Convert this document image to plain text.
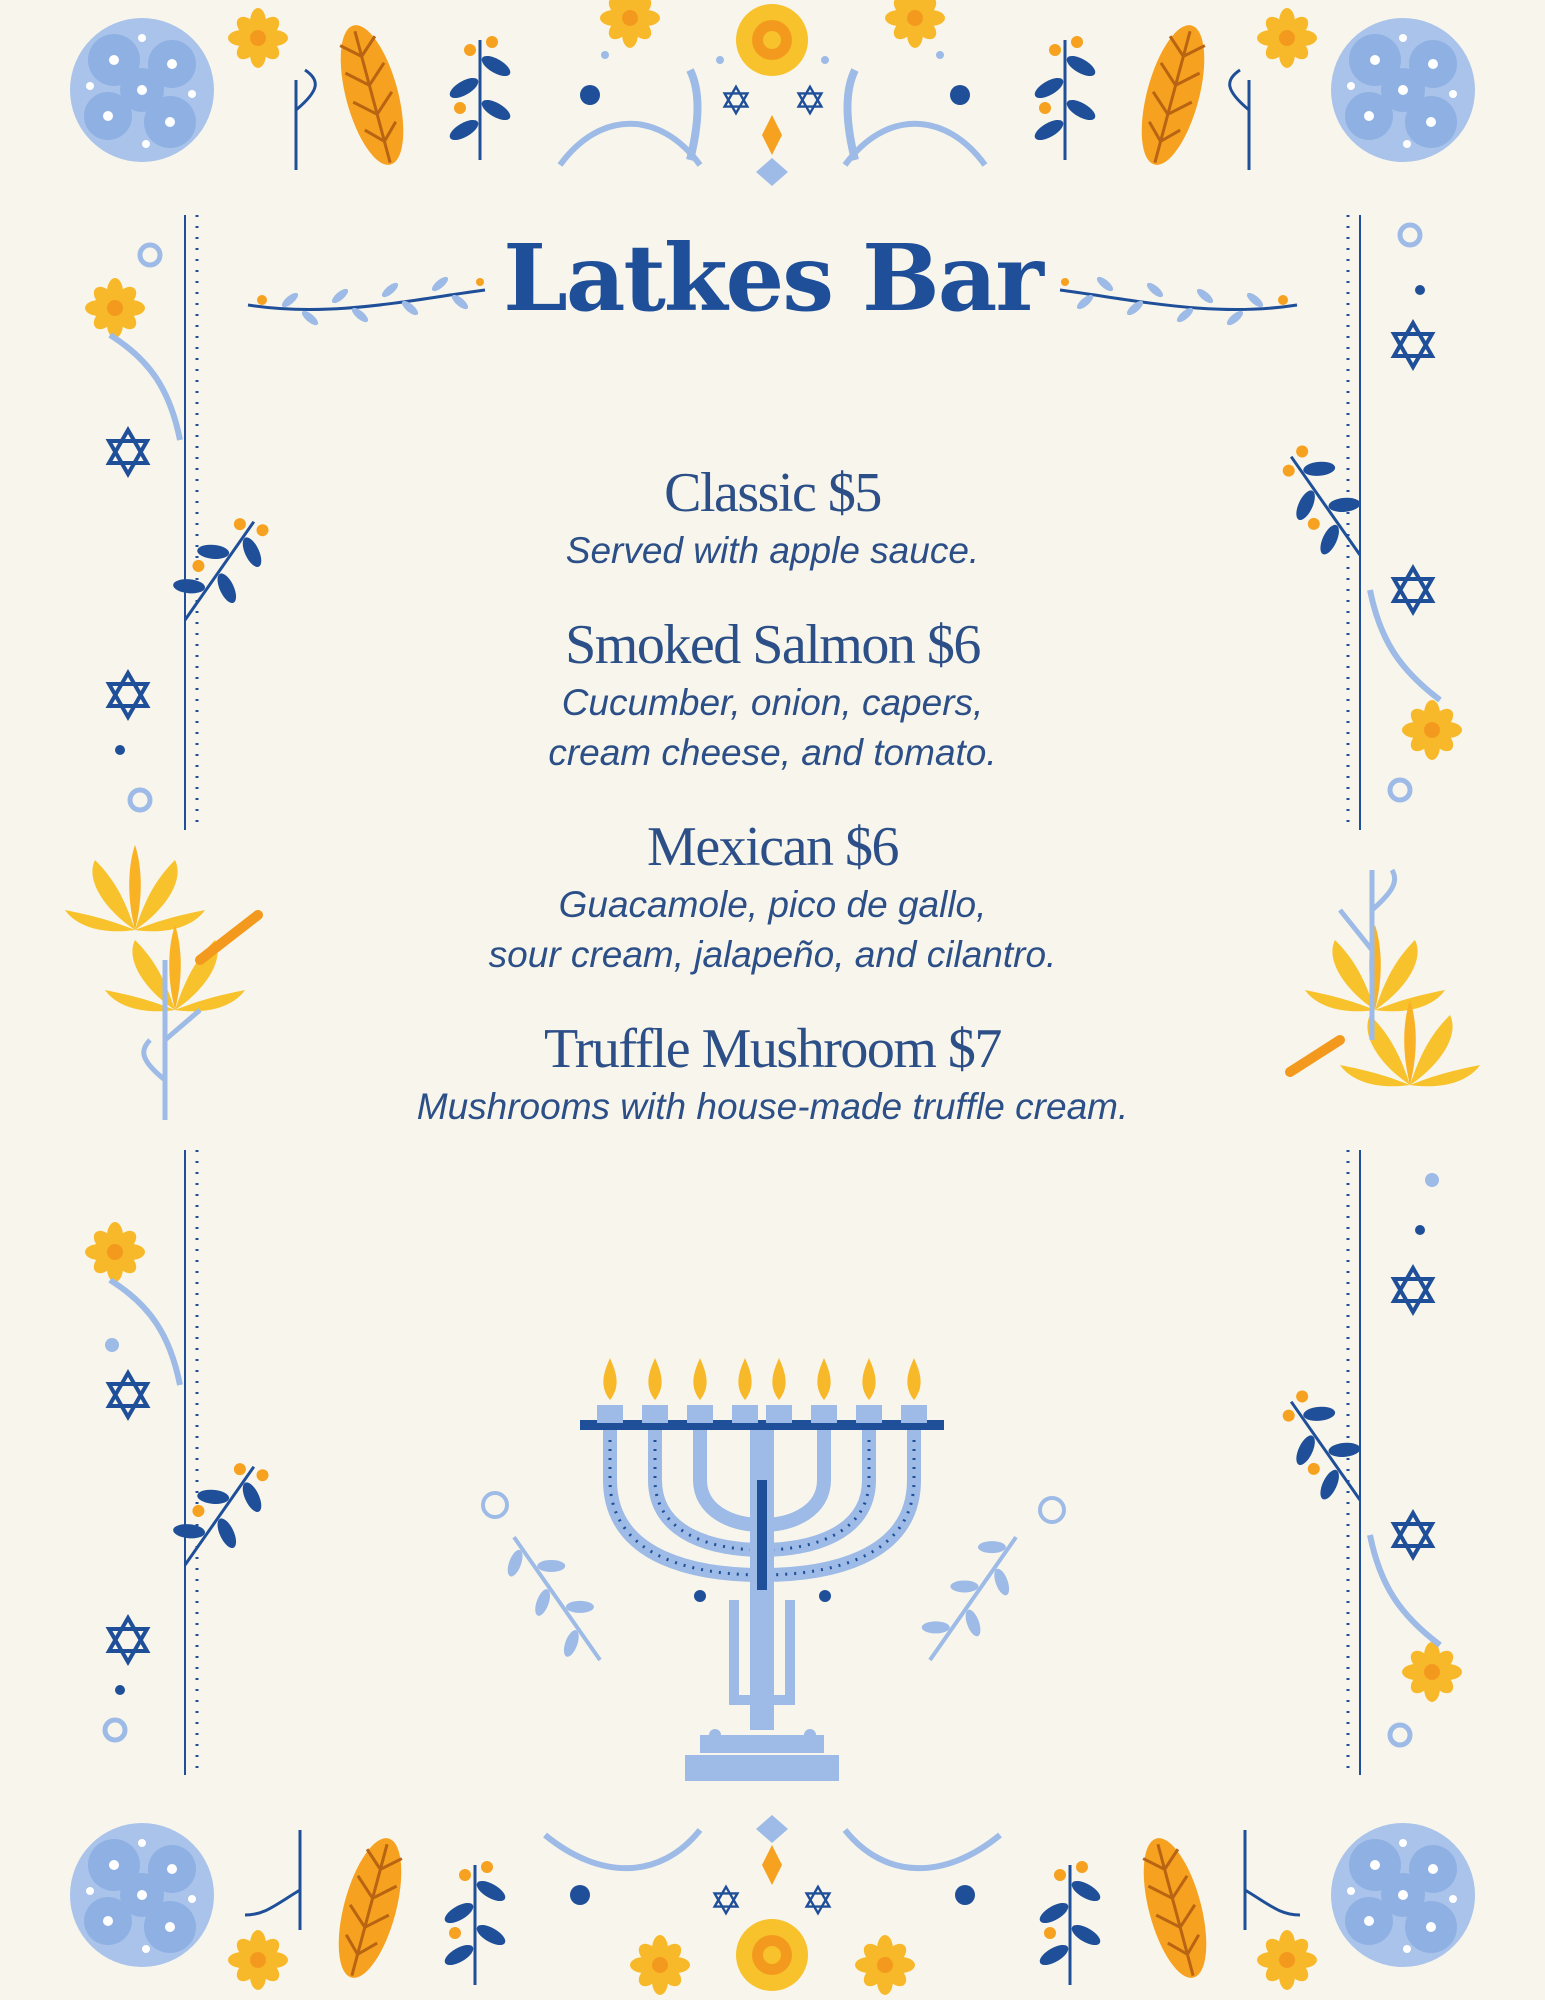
Latkes Bar
Classic $5
Served with apple sauce.
Smoked Salmon $6
Cucumber, onion, capers,
cream cheese, and tomato.
Mexican $6
Guacamole, pico de gallo,
sour cream, jalapeño, and cilantro.
Truffle Mushroom $7
Mushrooms with house-made truffle cream.
